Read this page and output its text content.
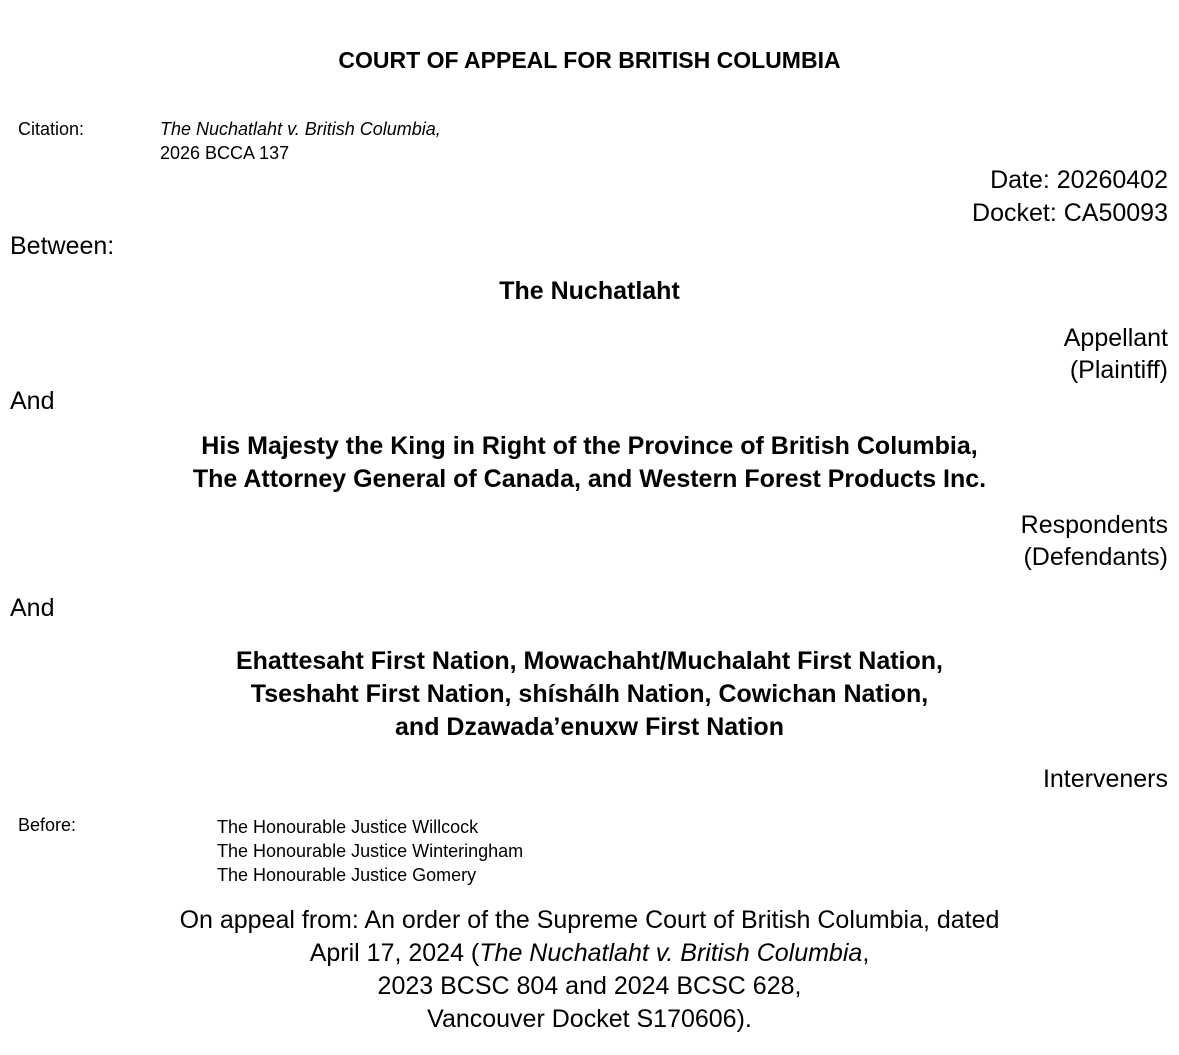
COURT OF APPEAL FOR BRITISH COLUMBIA
Citation:	The Nuchatlaht v. British Columbia,
2026 BCCA 137
Date: 20260402
Docket: CA50093
Between:
The Nuchatlaht
Appellant
(Plaintiff)
And
His Majesty the King in Right of the Province of British Columbia,
The Attorney General of Canada, and Western Forest Products Inc.
Respondents
(Defendants)
And
Ehattesaht First Nation, Mowachaht/Muchalaht First Nation,
Tseshaht First Nation, shíshálh Nation, Cowichan Nation,
and Dzawada’enuxw First Nation
Interveners
Before:	The Honourable Justice Willcock
The Honourable Justice Winteringham
The Honourable Justice Gomery
On appeal from: An order of the Supreme Court of British Columbia, dated
April 17, 2024 (The Nuchatlaht v. British Columbia,
2023 BCSC 804 and 2024 BCSC 628,
Vancouver Docket S170606).
